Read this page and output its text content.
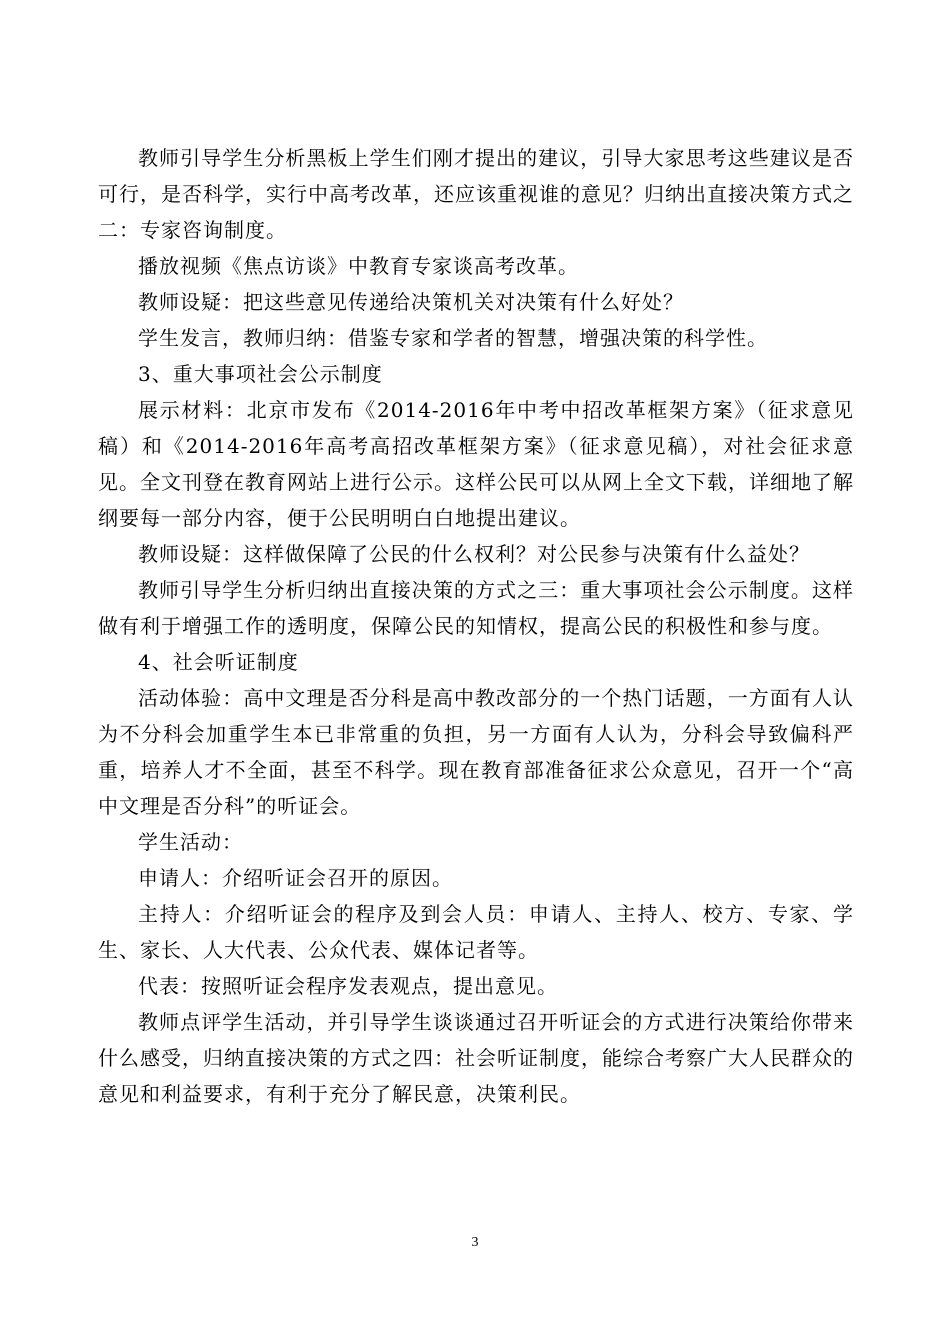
教师引导学生分析黑板上学生们刚才提出的建议，引导大家思考这些建议是否可行，是否科学，实行中高考改革，还应该重视谁的意见？归纳出直接决策方式之二：专家咨询制度。

播放视频《焦点访谈》中教育专家谈高考改革。

教师设疑：把这些意见传递给决策机关对决策有什么好处？

学生发言，教师归纳：借鉴专家和学者的智慧，增强决策的科学性。

3、重大事项社会公示制度

展示材料：北京市发布《2014-2016年中考中招改革框架方案》（征求意见稿）和《2014-2016年高考高招改革框架方案》（征求意见稿），对社会征求意见。全文刊登在教育网站上进行公示。这样公民可以从网上全文下载，详细地了解纲要每一部分内容，便于公民明明白白地提出建议。

教师设疑：这样做保障了公民的什么权利？对公民参与决策有什么益处？

教师引导学生分析归纳出直接决策的方式之三：重大事项社会公示制度。这样做有利于增强工作的透明度，保障公民的知情权，提高公民的积极性和参与度。

4、社会听证制度

活动体验：高中文理是否分科是高中教改部分的一个热门话题，一方面有人认为不分科会加重学生本已非常重的负担，另一方面有人认为，分科会导致偏科严重，培养人才不全面，甚至不科学。现在教育部准备征求公众意见，召开一个“高中文理是否分科”的听证会。

学生活动：

申请人：介绍听证会召开的原因。

主持人：介绍听证会的程序及到会人员：申请人、主持人、校方、专家、学生、家长、人大代表、公众代表、媒体记者等。

代表：按照听证会程序发表观点，提出意见。

教师点评学生活动，并引导学生谈谈通过召开听证会的方式进行决策给你带来什么感受，归纳直接决策的方式之四：社会听证制度，能综合考察广大人民群众的意见和利益要求，有利于充分了解民意，决策利民。

3
